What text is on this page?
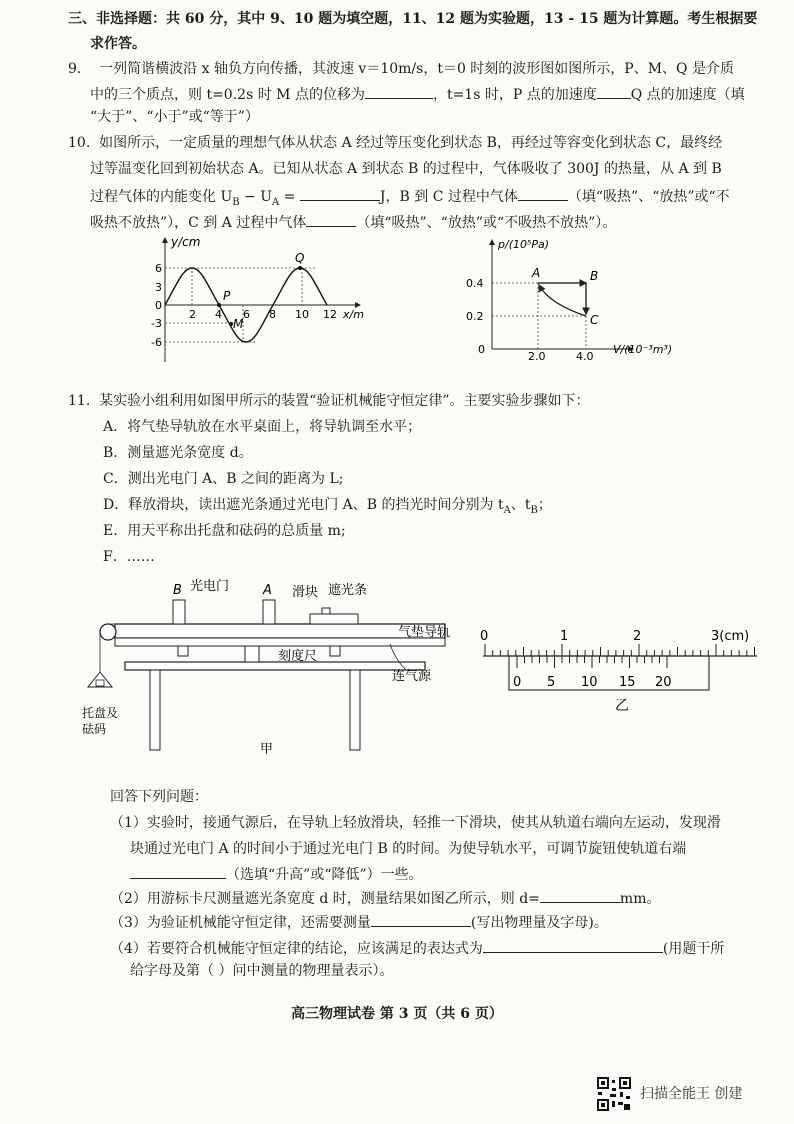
三、非选择题：共 60 分，其中 9、10 题为填空题，11、12 题为实验题，13 - 15 题为计算题。考生根据要
求作答。
9. 一列简谐横波沿 x 轴负方向传播，其波速 v＝10m/s，t＝0 时刻的波形图如图所示，P、M、Q 是介质
中的三个质点，则 t=0.2s 时 M 点的位移为	，t=1s 时，P 点的加速度 Q 点的加速度（填
“大于”、“小于”或“等于”）
10. 如图所示，一定质量的理想气体从状态 A 经过等压变化到状态 B，再经过等容变化到状态 C，最终经
过等温变化回到初始状态 A。已知从状态 A 到状态 B 的过程中，气体吸收了 300J 的热量，从 A 到 B
过程气体的内能变化 $U_B - U_A$ =	J，B 到 C 过程中气体	（填“吸热”、“放热”或“不
吸热不放热”），C 到 A 过程中气体	（填“吸热”、“放热”或“不吸热不放热”）。
y/cm
x/m
6
3
0
-3
-6
2 4 6 8 10 12
P
M
Q
p/(10⁵Pa)
V/(10⁻³m³)
0.4
0.2
0
2.0	4.0
A	B
C
11. 某实验小组利用如图甲所示的装置“验证机械能守恒定律”。主要实验步骤如下：
A．将气垫导轨放在水平桌面上，将导轨调至水平；
B．测量遮光条宽度 d。
C．测出光电门 A、B 之间的距离为 L;
D．释放滑块，读出遮光条通过光电门 A、B 的挡光时间分别为 $t_A$、$t_B$；
E．用天平称出托盘和砝码的总质量 m;
F．……
B 光电门	A 滑块 遮光条
气垫导轨
刻度尺
连气源
托盘及
砝码
甲
0	1	2	3(cm)
0 5 10 15 20
乙
回答下列问题：
（1）实验时，接通气源后，在导轨上轻放滑块，轻推一下滑块，使其从轨道右端向左运动，发现滑
块通过光电门 A 的时间小于通过光电门 B 的时间。为使导轨水平，可调节旋钮使轨道右端
（选填“升高”或“降低”）一些。
（2）用游标卡尺测量遮光条宽度 d 时，测量结果如图乙所示，则 d=	mm。
（3）为验证机械能守恒定律，还需要测量	(写出物理量及字母)。
（4）若要符合机械能守恒定律的结论，应该满足的表达式为	(用题干所
给字母及第（ ）问中测量的物理量表示）。
高三物理试卷 第 3 页（共 6 页）
扫描全能王 创建
